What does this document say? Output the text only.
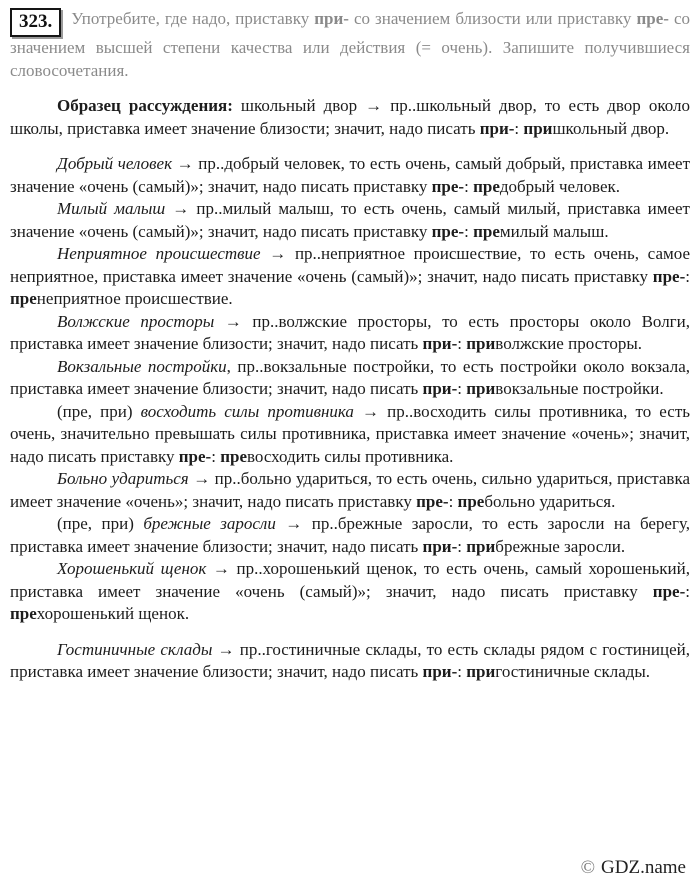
323. Употребите, где надо, приставку при- со значением близости или приставку пре- со значением высшей степени качества или действия (= очень). Запишите получившиеся словосочетания.

Образец рассуждения: школьный двор → пр..школьный двор, то есть двор около школы, приставка имеет значение близости; значит, надо писать при-: пришкольный двор.

Добрый человек → пр..добрый человек, то есть очень, самый добрый, приставка имеет значение «очень (самый)»; значит, надо писать приставку пре-: предобрый человек.

Милый малыш → пр..милый малыш, то есть очень, самый милый, приставка имеет значение «очень (самый)»; значит, надо писать приставку пре-: премилый малыш.

Неприятное происшествие → пр..неприятное происшествие, то есть очень, самое неприятное, приставка имеет значение «очень (самый)»; значит, надо писать приставку пре-: пренеприятное происшествие.

Волжские просторы → пр..волжские просторы, то есть просторы около Волги, приставка имеет значение близости; значит, надо писать при-: приволжские просторы.

Вокзальные постройки, пр..вокзальные постройки, то есть постройки около вокзала, приставка имеет значение близости; значит, надо писать при-: привокзальные постройки.

(пре, при) восходить силы противника → пр..восходить силы противника, то есть очень, значительно превышать силы противника, приставка имеет значение «очень»; значит, надо писать приставку пре-: превосходить силы противника.

Больно удариться → пр..больно удариться, то есть очень, сильно удариться, приставка имеет значение «очень»; значит, надо писать приставку пре-: пребольно удариться.

(пре, при) брежные заросли → пр..брежные заросли, то есть заросли на берегу, приставка имеет значение близости; значит, надо писать при-: прибрежные заросли.

Хорошенький щенок → пр..хорошенький щенок, то есть очень, самый хорошенький, приставка имеет значение «очень (самый)»; значит, надо писать приставку пре-: прехорошенький щенок.

Гостиничные склады → пр..гостиничные склады, то есть склады рядом с гостиницей, приставка имеет значение близости; значит, надо писать при-: пригостиничные склады.

© GDZ.name
